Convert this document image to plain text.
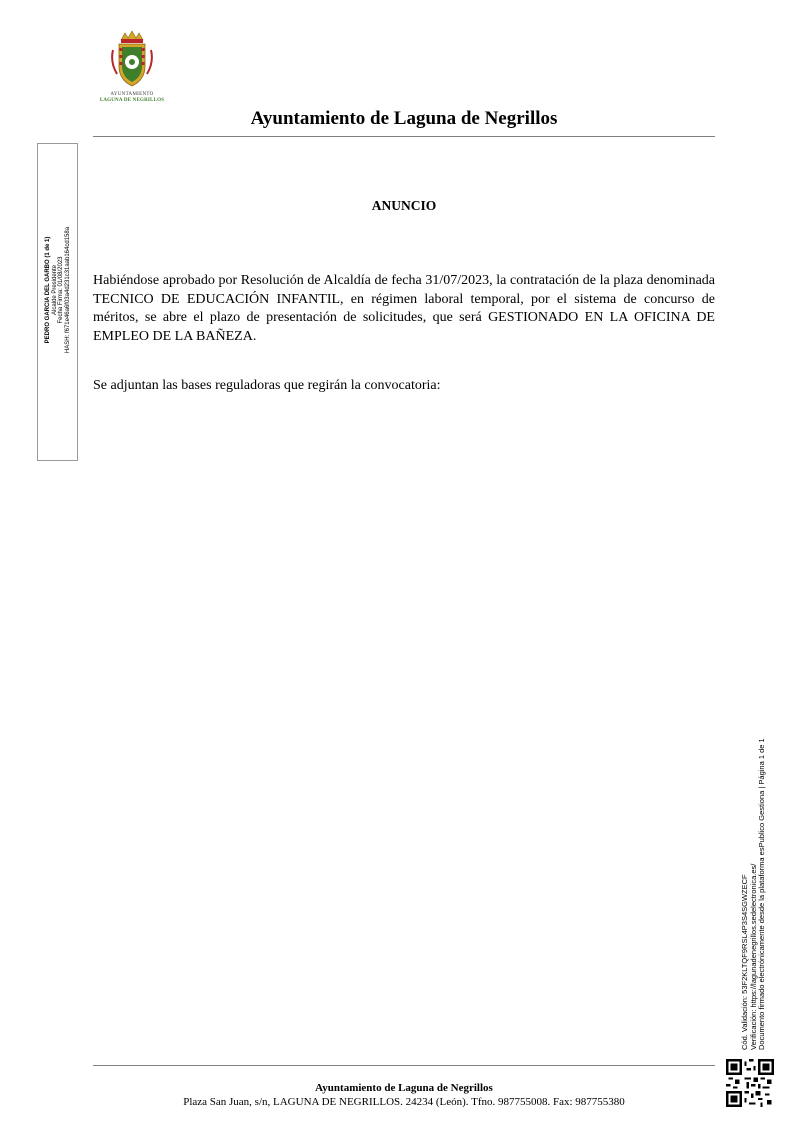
AYUNTAMIENTO
LAGUNA DE NEGRILLOS
Ayuntamiento de Laguna de Negrillos
PEDRO GARCIA DEL GARBO (1 de 1) Alcalde Presidente Fecha Firma: 01/08/2023 HASH: f671e46a6f03a4d231c31aab164cd158a
ANUNCIO
Habiéndose aprobado por Resolución de Alcaldía de fecha 31/07/2023, la contratación de la plaza denominada TECNICO DE EDUCACIÓN INFANTIL, en régimen laboral temporal, por el sistema de concurso de méritos, se abre el plazo de presentación de solicitudes, que será GESTIONADO EN LA OFICINA DE EMPLEO DE LA BAÑEZA.
Se adjuntan las bases reguladoras que regirán la convocatoria:
Cód. Validación: 53F2KLTQF9RSL4P3S4SGWZECF Verificación: https://lagunadenegrillos.sedelectronica.es/ Documento firmado electrónicamente desde la plataforma esPublico Gestiona | Página 1 de 1
Ayuntamiento de Laguna de Negrillos
Plaza San Juan, s/n, LAGUNA DE NEGRILLOS. 24234 (León). Tfno. 987755008. Fax: 987755380
